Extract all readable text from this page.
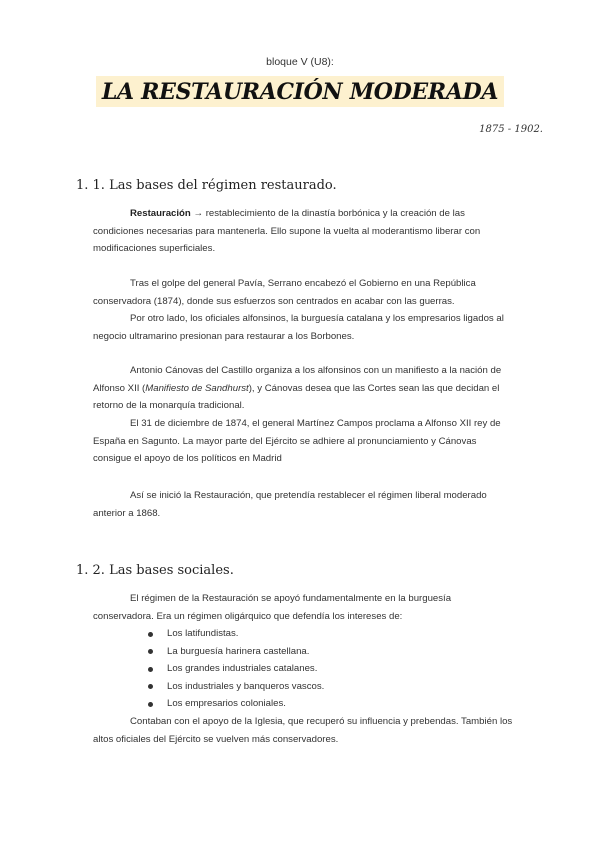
bloque V (U8):
LA RESTAURACIÓN MODERADA
1875 - 1902.
1. 1. Las bases del régimen restaurado.

Restauración → restablecimiento de la dinastía borbónica y la creación de las condiciones necesarias para mantenerla. Ello supone la vuelta al moderantismo liberar con modificaciones superficiales.

Tras el golpe del general Pavía, Serrano encabezó el Gobierno en una República conservadora (1874), donde sus esfuerzos son centrados en acabar con las guerras.

Por otro lado, los oficiales alfonsinos, la burguesía catalana y los empresarios ligados al negocio ultramarino presionan para restaurar a los Borbones.

Antonio Cánovas del Castillo organiza a los alfonsinos con un manifiesto a la nación de Alfonso XII (Manifiesto de Sandhurst), y Cánovas desea que las Cortes sean las que decidan el retorno de la monarquía tradicional.

El 31 de diciembre de 1874, el general Martínez Campos proclama a Alfonso XII rey de España en Sagunto. La mayor parte del Ejército se adhiere al pronunciamiento y Cánovas consigue el apoyo de los políticos en Madrid

Así se inició la Restauración, que pretendía restablecer el régimen liberal moderado anterior a 1868.

1. 2. Las bases sociales.

El régimen de la Restauración se apoyó fundamentalmente en la burguesía conservadora. Era un régimen oligárquico que defendía los intereses de:

Los latifundistas.
La burguesía harinera castellana.
Los grandes industriales catalanes.
Los industriales y banqueros vascos.
Los empresarios coloniales.

Contaban con el apoyo de la Iglesia, que recuperó su influencia y prebendas. También los altos oficiales del Ejército se vuelven más conservadores.
